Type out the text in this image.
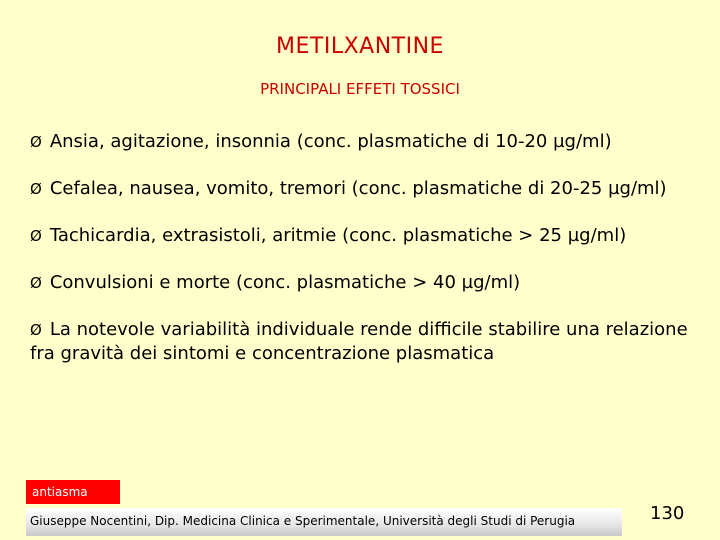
METILXANTINE
PRINCIPALI EFFETI TOSSICI
Ø Ansia, agitazione, insonnia (conc. plasmatiche di 10-20 µg/ml)
Ø Cefalea, nausea, vomito, tremori (conc. plasmatiche di 20-25 µg/ml)
Ø Tachicardia, extrasistoli, aritmie (conc. plasmatiche > 25 µg/ml)
Ø Convulsioni e morte (conc. plasmatiche > 40 µg/ml)
Ø La notevole variabilità individuale rende difficile stabilire una relazione fra gravità dei sintomi e concentrazione plasmatica
antiasma
Giuseppe Nocentini, Dip. Medicina Clinica e Sperimentale, Università degli Studi di Perugia	130
